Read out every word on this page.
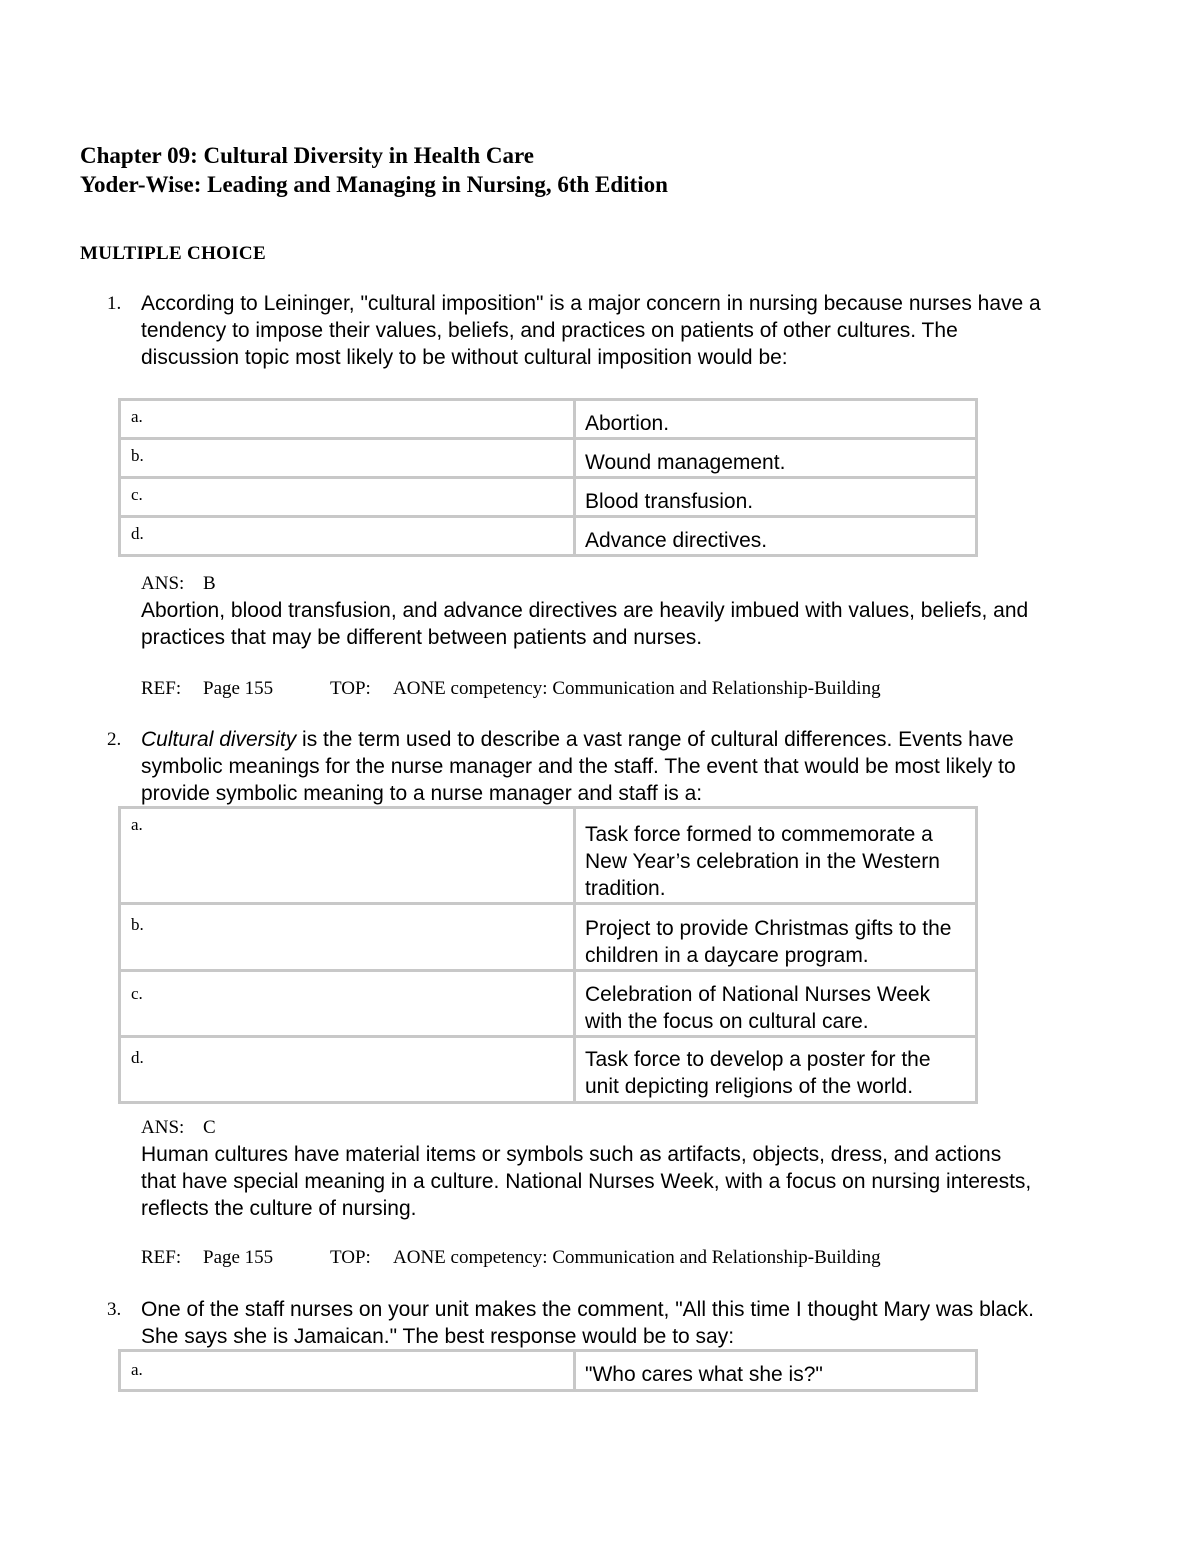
Chapter 09: Cultural Diversity in Health Care
Yoder-Wise: Leading and Managing in Nursing, 6th Edition
MULTIPLE CHOICE
1. According to Leininger, "cultural imposition" is a major concern in nursing because nurses have a tendency to impose their values, beliefs, and practices on patients of other cultures. The discussion topic most likely to be without cultural imposition would be:
a.	Abortion.
b.	Wound management.
c.	Blood transfusion.
d.	Advance directives.
ANS: B
Abortion, blood transfusion, and advance directives are heavily imbued with values, beliefs, and practices that may be different between patients and nurses.
REF: Page 155	TOP: AONE competency: Communication and Relationship-Building
2. Cultural diversity is the term used to describe a vast range of cultural differences. Events have symbolic meanings for the nurse manager and the staff. The event that would be most likely to provide symbolic meaning to a nurse manager and staff is a:
a.	Task force formed to commemorate a New Year’s celebration in the Western tradition.
b.	Project to provide Christmas gifts to the children in a daycare program.
c.	Celebration of National Nurses Week with the focus on cultural care.
d.	Task force to develop a poster for the unit depicting religions of the world.
ANS: C
Human cultures have material items or symbols such as artifacts, objects, dress, and actions that have special meaning in a culture. National Nurses Week, with a focus on nursing interests, reflects the culture of nursing.
REF: Page 155	TOP: AONE competency: Communication and Relationship-Building
3. One of the staff nurses on your unit makes the comment, "All this time I thought Mary was black. She says she is Jamaican." The best response would be to say:
a.	"Who cares what she is?"
